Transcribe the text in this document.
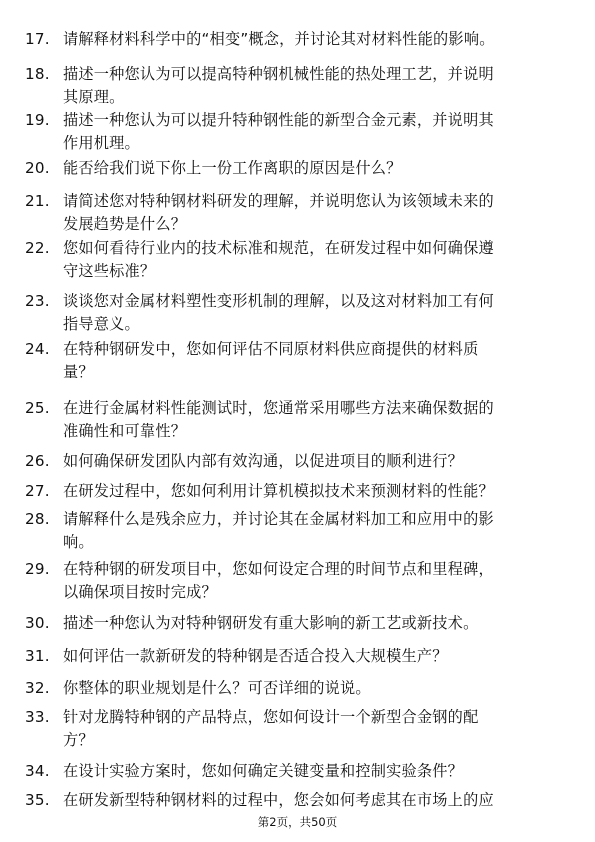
17. 请解释材料科学中的“相变”概念，并讨论其对材料性能的影响。
18. 描述一种您认为可以提高特种钢机械性能的热处理工艺，并说明
其原理。
19. 描述一种您认为可以提升特种钢性能的新型合金元素，并说明其
作用机理。
20. 能否给我们说下你上一份工作离职的原因是什么？
21. 请简述您对特种钢材料研发的理解，并说明您认为该领域未来的
发展趋势是什么？
22. 您如何看待行业内的技术标准和规范，在研发过程中如何确保遵
守这些标准？
23. 谈谈您对金属材料塑性变形机制的理解，以及这对材料加工有何
指导意义。
24. 在特种钢研发中，您如何评估不同原材料供应商提供的材料质
量？
25. 在进行金属材料性能测试时，您通常采用哪些方法来确保数据的
准确性和可靠性？
26. 如何确保研发团队内部有效沟通，以促进项目的顺利进行？
27. 在研发过程中，您如何利用计算机模拟技术来预测材料的性能？
28. 请解释什么是残余应力，并讨论其在金属材料加工和应用中的影
响。
29. 在特种钢的研发项目中，您如何设定合理的时间节点和里程碑，
以确保项目按时完成？
30. 描述一种您认为对特种钢研发有重大影响的新工艺或新技术。
31. 如何评估一款新研发的特种钢是否适合投入大规模生产？
32. 你整体的职业规划是什么？可否详细的说说。
33. 针对龙腾特种钢的产品特点，您如何设计一个新型合金钢的配
方？
34. 在设计实验方案时，您如何确定关键变量和控制实验条件？
35. 在研发新型特种钢材料的过程中，您会如何考虑其在市场上的应
第2页，共50页
